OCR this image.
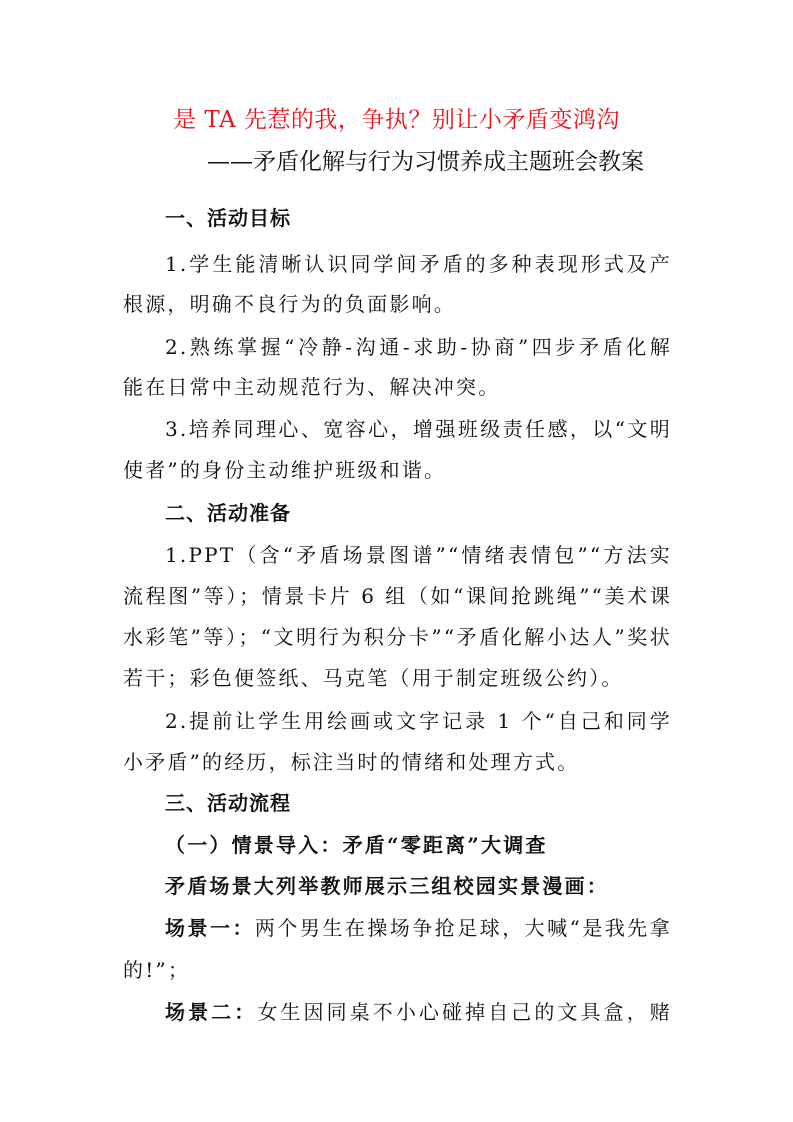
是 TA 先惹的我，争执？别让小矛盾变鸿沟
——矛盾化解与行为习惯养成主题班会教案
一、活动目标
1.学生能清晰认识同学间矛盾的多种表现形式及产
根源，明确不良行为的负面影响。
2.熟练掌握“冷静-沟通-求助-协商”四步矛盾化解
能在日常中主动规范行为、解决冲突。
3.培养同理心、宽容心，增强班级责任感，以“文明
使者”的身份主动维护班级和谐。
二、活动准备
1.PPT（含“矛盾场景图谱”“情绪表情包”“方法实
流程图”等）；情景卡片 6 组（如“课间抢跳绳”“美术课
水彩笔”等）；“文明行为积分卡”“矛盾化解小达人”奖状
若干；彩色便签纸、马克笔（用于制定班级公约）。
2.提前让学生用绘画或文字记录 1 个“自己和同学
小矛盾”的经历，标注当时的情绪和处理方式。
三、活动流程
（一）情景导入：矛盾“零距离”大调查
矛盾场景大列举教师展示三组校园实景漫画：
场景一：两个男生在操场争抢足球，大喊“是我先拿
的!”；
场景二：女生因同桌不小心碰掉自己的文具盒，赌
